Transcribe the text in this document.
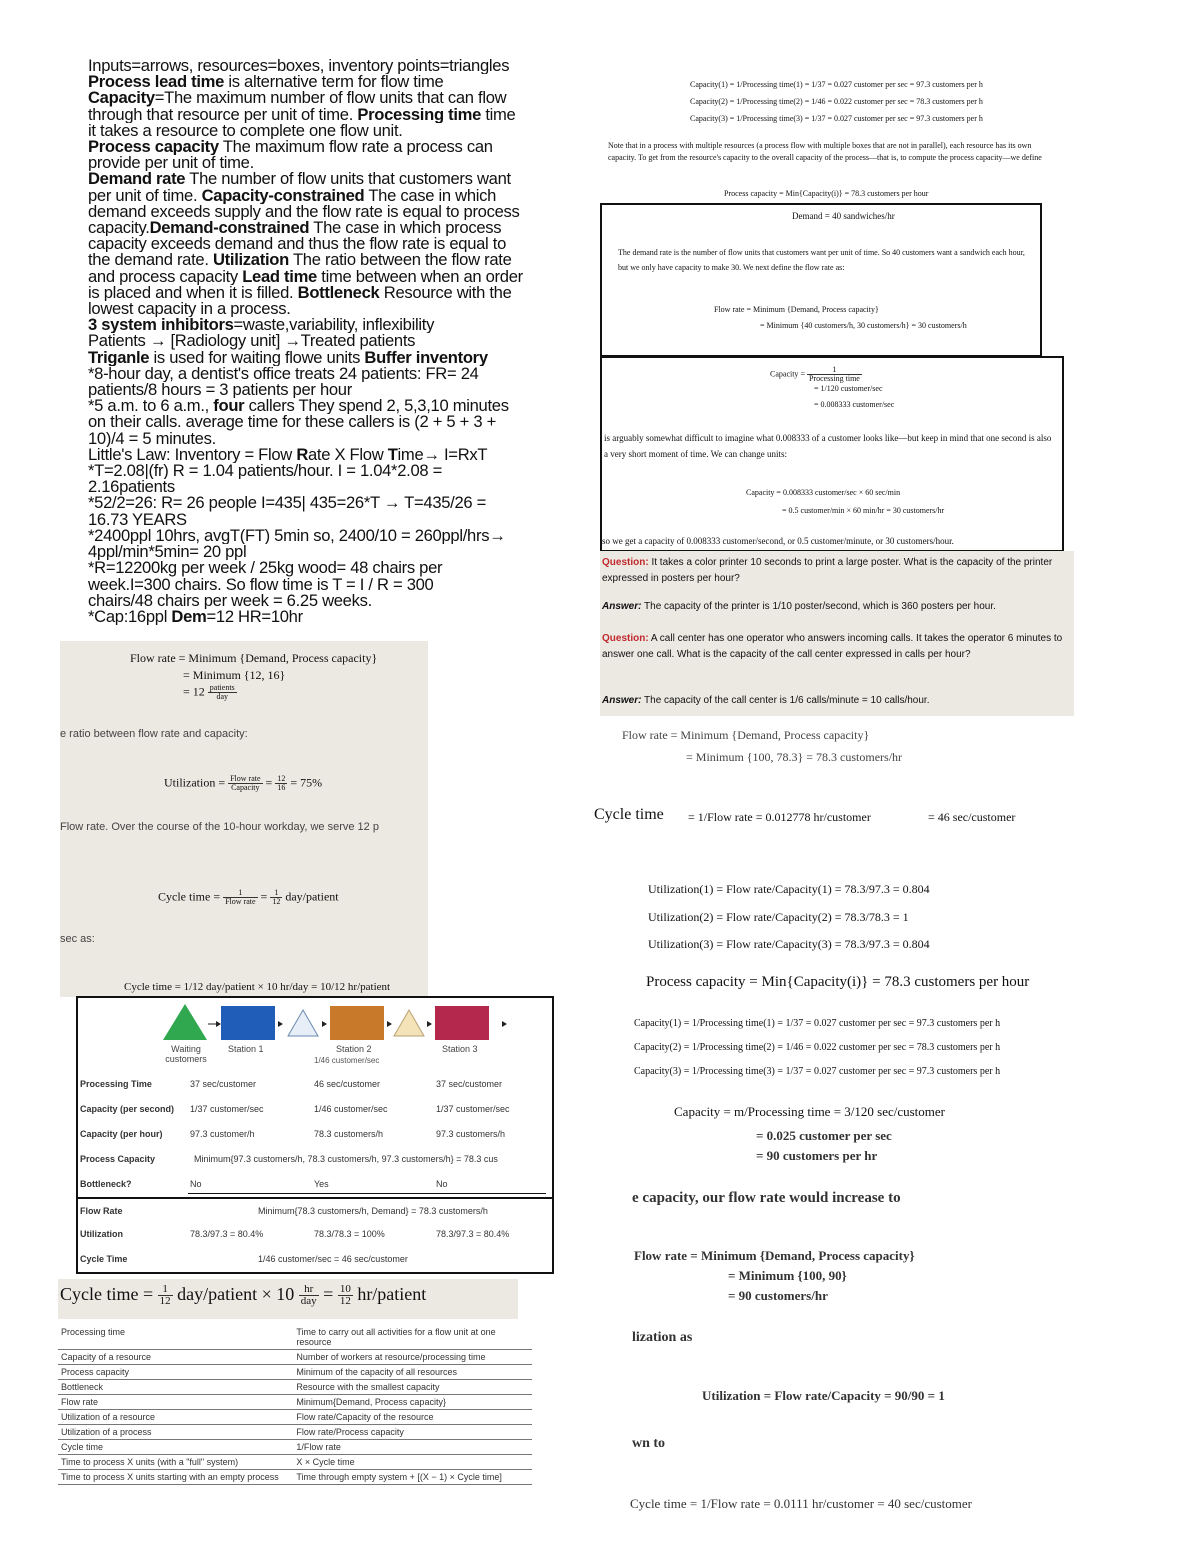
Inputs=arrows, resources=boxes, inventory points=triangles
Process lead time is alternative term for flow time
Capacity=The maximum number of flow units that can flow
through that resource per unit of time. Processing time time
it takes a resource to complete one flow unit.
Process capacity The maximum flow rate a process can
provide per unit of time.
Demand rate The number of flow units that customers want
per unit of time. Capacity-constrained The case in which
demand exceeds supply and the flow rate is equal to process
capacity.Demand-constrained The case in which process
capacity exceeds demand and thus the flow rate is equal to
the demand rate. Utilization The ratio between the flow rate
and process capacity Lead time time between when an order
is placed and when it is filled. Bottleneck Resource with the
lowest capacity in a process.
3 system inhibitors=waste,variability, inflexibility
Patients → [Radiology unit] →Treated patients
Triganle is used for waiting flowe units Buffer inventory
*8-hour day, a dentist's office treats 24 patients: FR= 24
patients/8 hours = 3 patients per hour
*5 a.m. to 6 a.m., four callers They spend 2, 5,3,10 minutes
on their calls. average time for these callers is (2 + 5 + 3 +
10)/4 = 5 minutes.
Little's Law: Inventory = Flow Rate X Flow Time→ I=RxT
*T=2.08|(fr) R = 1.04 patients/hour. I = 1.04*2.08 =
2.16patients
*52/2=26: R= 26 people I=435| 435=26*T → T=435/26 =
16.73 YEARS
*2400ppl 10hrs, avgT(FT) 5min so, 2400/10 = 260ppl/hrs→
4ppl/min*5min= 20 ppl
*R=12200kg per week / 25kg wood= 48 chairs per
week.I=300 chairs. So flow time is T = I / R = 300
chairs/48 chairs per week = 6.25 weeks.
*Cap:16ppl Dem=12 HR=10hr
Flow rate = Minimum {Demand, Process capacity}
= Minimum {12, 16}
= $12 \frac{\text{patients}}{\text{day}}$
e ratio between flow rate and capacity:
Utilization = $\frac{\text{Flow rate}}{\text{Capacity}} = \frac{12}{16} = 75\%$
Flow rate. Over the course of the 10-hour workday, we serve 12 p
Cycle time = $\frac{1}{\text{Flow rate}} = \frac{1}{12}$ day/patient
sec as:
Cycle time = 1/12 day/patient × 10 hr/day = 10/12 hr/patient
Waiting customers
Station 1	Station 2	Station 3
1/46 customer/sec
Processing Time	37 sec/customer	46 sec/customer	37 sec/customer
Capacity (per second) 1/37 customer/sec	1/46 customer/sec	1/37 customer/sec
Capacity (per hour)	97.3 customer/h	78.3 customers/h	97.3 customers/h
Process Capacity	Minimum{97.3 customers/h, 78.3 customers/h, 97.3 customers/h} = 78.3 cus
Bottleneck?	No	Yes	No
Flow Rate	Minimum{78.3 customers/h, Demand} = 78.3 customers/h
Utilization	78.3/97.3 = 80.4%	78.3/78.3 = 100%	78.3/97.3 = 80.4%
Cycle Time	1/46 customer/sec = 46 sec/customer
Cycle time = $\frac{1}{12}$ day/patient × $10 \frac{hr}{\text{day}} = \frac{10}{12}$ hr/patient
Processing time	Time to carry out all activities for a flow unit at one resource
Capacity of a resource	Number of workers at resource/processing time
Process capacity	Minimum of the capacity of all resources
Bottleneck	Resource with the smallest capacity
Flow rate	Minimum{Demand, Process capacity}
Utilization of a resource	Flow rate/Capacity of the resource
Utilization of a process	Flow rate/Process capacity
Cycle time	1/Flow rate
Time to process X units (with a "full" system)	X × Cycle time
Time to process X units starting with an empty process	Time through empty system + [(X − 1) × Cycle time]
Capacity(1) = 1/Processing time(1) = 1/37 = 0.027 customer per sec = 97.3 customers per h
Capacity(2) = 1/Processing time(2) = 1/46 = 0.022 customer per sec = 78.3 customers per h
Capacity(3) = 1/Processing time(3) = 1/37 = 0.027 customer per sec = 97.3 customers per h
Note that in a process with multiple resources (a process flow with multiple boxes that are not in parallel), each resource has its own capacity. To get from the resource's capacity to the overall capacity of the process—that is, to compute the process capacity—we define
Process capacity = Min{Capacity(i)} = 78.3 customers per hour
Demand = 40 sandwiches/hr
The demand rate is the number of flow units that customers want per unit of time. So 40 customers want a sandwich each hour, but we only have capacity to make 30. We next define the flow rate as:
Flow rate = Minimum {Demand, Process capacity}
= Minimum {40 customers/h, 30 customers/h} = 30 customers/h
Capacity = $\frac{1}{\text{Processing time}}$
= 1/120 customer/sec
= 0.008333 customer/sec
is arguably somewhat difficult to imagine what 0.008333 of a customer looks like—but keep in mind that one second is also a very short moment of time. We can change units:
Capacity = 0.008333 customer/sec × 60 sec/min
= 0.5 customer/min × 60 min/hr = 30 customers/hr
so we get a capacity of 0.008333 customer/second, or 0.5 customer/minute, or 30 customers/hour.
Question: It takes a color printer 10 seconds to print a large poster. What is the capacity of the printer expressed in posters per hour?
Answer: The capacity of the printer is 1/10 poster/second, which is 360 posters per hour.
Question: A call center has one operator who answers incoming calls. It takes the operator 6 minutes to answer one call. What is the capacity of the call center expressed in calls per hour?
Answer: The capacity of the call center is 1/6 calls/minute = 10 calls/hour.
Flow rate = Minimum {Demand, Process capacity}
= Minimum {100, 78.3} = 78.3 customers/hr
Cycle time = 1/Flow rate = 0.012778 hr/customer	= 46 sec/customer
Utilization(1) = Flow rate/Capacity(1) = 78.3/97.3 = 0.804
Utilization(2) = Flow rate/Capacity(2) = 78.3/78.3 = 1
Utilization(3) = Flow rate/Capacity(3) = 78.3/97.3 = 0.804
Process capacity = Min{Capacity(i)} = 78.3 customers per hour
Capacity(1) = 1/Processing time(1) = 1/37 = 0.027 customer per sec = 97.3 customers per h
Capacity(2) = 1/Processing time(2) = 1/46 = 0.022 customer per sec = 78.3 customers per h
Capacity(3) = 1/Processing time(3) = 1/37 = 0.027 customer per sec = 97.3 customers per h
Capacity = m/Processing time = 3/120 sec/customer
= 0.025 customer per sec
= 90 customers per hr
e capacity, our flow rate would increase to
Flow rate = Minimum {Demand, Process capacity}
= Minimum {100, 90}
= 90 customers/hr
lization as
Utilization = Flow rate/Capacity = 90/90 = 1
wn to
Cycle time = 1/Flow rate = 0.0111 hr/customer = 40 sec/customer
